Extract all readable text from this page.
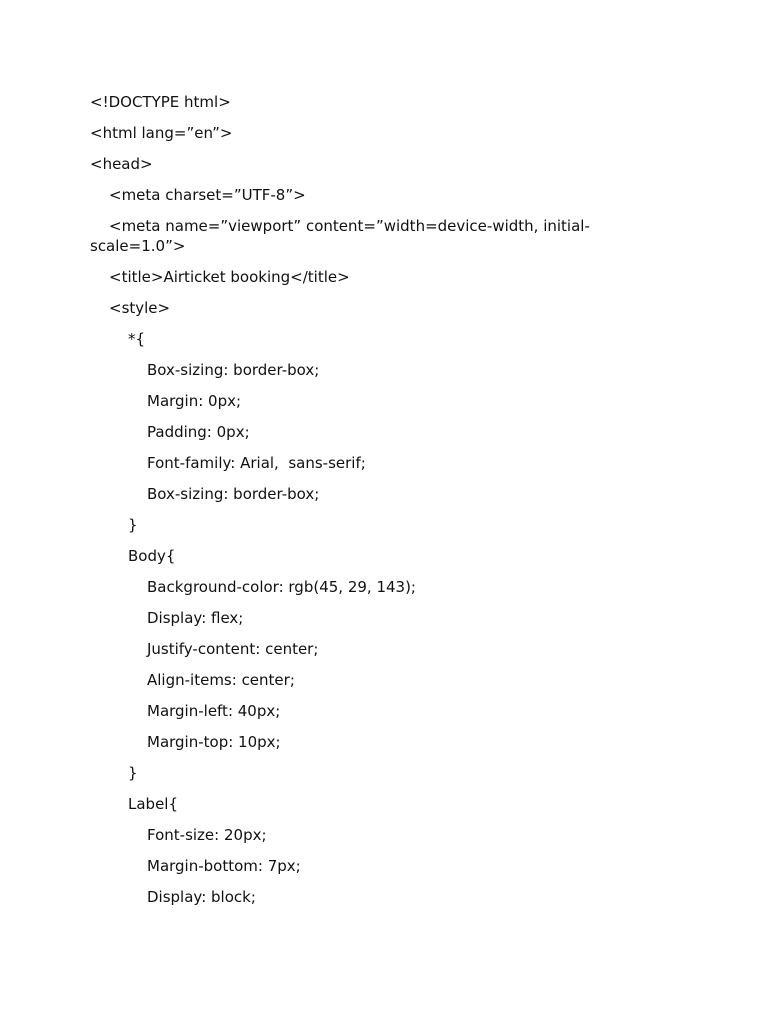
<!DOCTYPE html>
<html lang=”en”>
<head>
<meta charset=”UTF-8”>
<meta name=”viewport” content=”width=device-width, initial-scale=1.0”>
<title>Airticket booking</title>
<style>
*{
Box-sizing: border-box;
Margin: 0px;
Padding: 0px;
Font-family: Arial,  sans-serif;
Box-sizing: border-box;
}
Body{
Background-color: rgb(45, 29, 143);
Display: flex;
Justify-content: center;
Align-items: center;
Margin-left: 40px;
Margin-top: 10px;
}
Label{
Font-size: 20px;
Margin-bottom: 7px;
Display: block;
